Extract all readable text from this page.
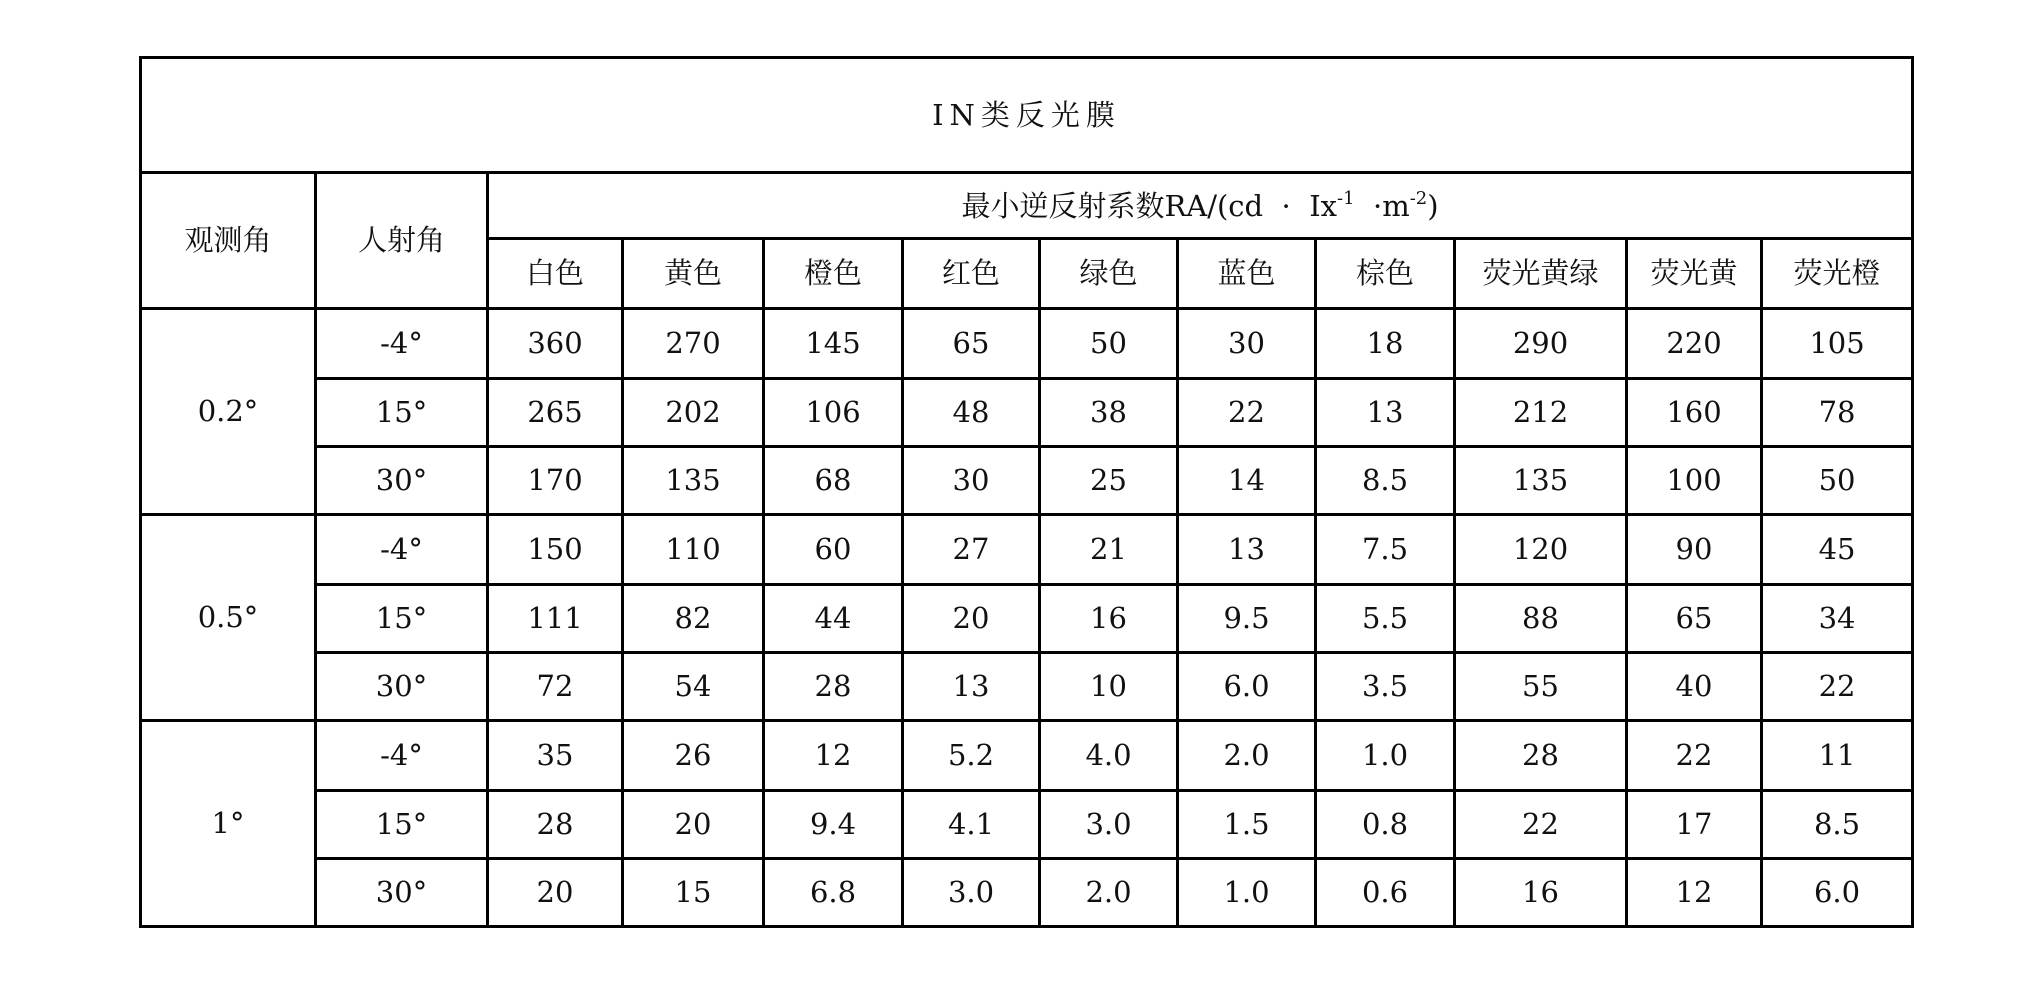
IN类反光膜											
观测角	人射角	最小逆反射系数$RA/(cd \cdot Ix^{-1} \cdot m^{-2})$									
		白色	黄色	橙色	红色	绿色	蓝色	棕色	荧光黄绿	荧光黄	荧光橙
0.2°	-4°	360	270	145	65	50	30	18	290	220	105
	15°	265	202	106	48	38	22	13	212	160	78
	30°	170	135	68	30	25	14	8.5	135	100	50
0.5°	-4°	150	110	60	27	21	13	7.5	120	90	45
	15°	111	82	44	20	16	9.5	5.5	88	65	34
	30°	72	54	28	13	10	6.0	3.5	55	40	22
1°	-4°	35	26	12	5.2	4.0	2.0	1.0	28	22	11
	15°	28	20	9.4	4.1	3.0	1.5	0.8	22	17	8.5
	30°	20	15	6.8	3.0	2.0	1.0	0.6	16	12	6.0
